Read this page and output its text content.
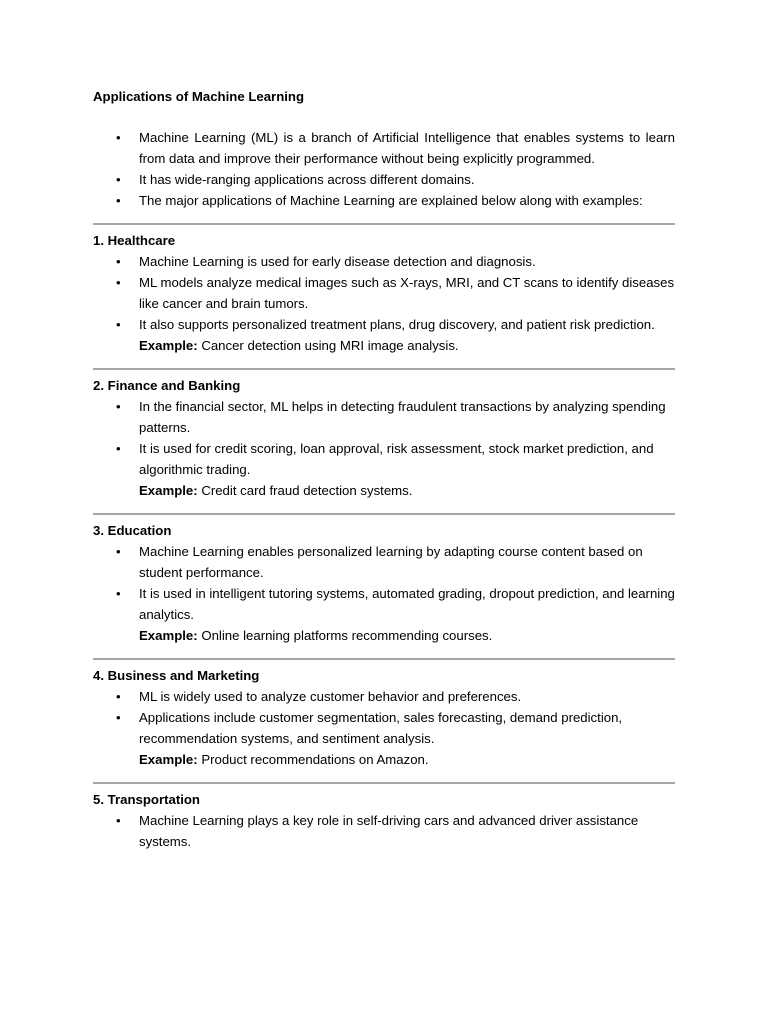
Applications of Machine Learning
• Machine Learning (ML) is a branch of Artificial Intelligence that enables systems to learn from data and improve their performance without being explicitly programmed.
• It has wide-ranging applications across different domains.
• The major applications of Machine Learning are explained below along with examples:
1. Healthcare
• Machine Learning is used for early disease detection and diagnosis.
• ML models analyze medical images such as X-rays, MRI, and CT scans to identify diseases like cancer and brain tumors.
• It also supports personalized treatment plans, drug discovery, and patient risk prediction.
Example: Cancer detection using MRI image analysis.
2. Finance and Banking
• In the financial sector, ML helps in detecting fraudulent transactions by analyzing spending patterns.
• It is used for credit scoring, loan approval, risk assessment, stock market prediction, and algorithmic trading.
Example: Credit card fraud detection systems.
3. Education
• Machine Learning enables personalized learning by adapting course content based on student performance.
• It is used in intelligent tutoring systems, automated grading, dropout prediction, and learning analytics.
Example: Online learning platforms recommending courses.
4. Business and Marketing
• ML is widely used to analyze customer behavior and preferences.
• Applications include customer segmentation, sales forecasting, demand prediction, recommendation systems, and sentiment analysis.
Example: Product recommendations on Amazon.
5. Transportation
• Machine Learning plays a key role in self-driving cars and advanced driver assistance systems.
